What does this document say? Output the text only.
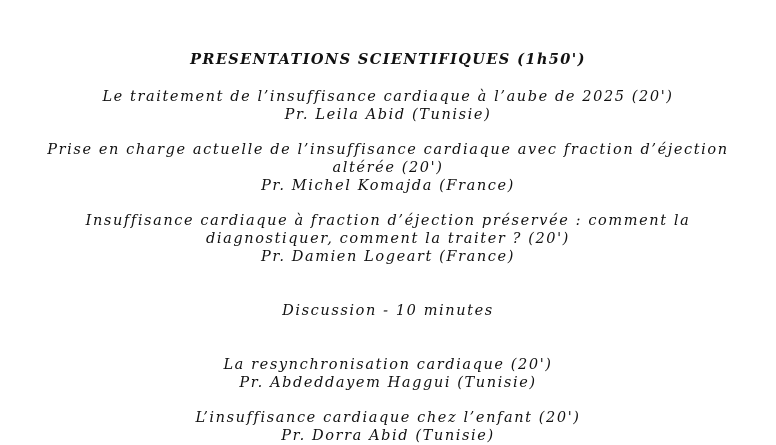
PRESENTATIONS SCIENTIFIQUES (1h50')
Le traitement de l’insuffisance cardiaque à l’aube de 2025 (20')
Pr. Leila Abid (Tunisie)
Prise en charge actuelle de l’insuffisance cardiaque avec fraction d’éjection
altérée (20')
Pr. Michel Komajda (France)
Insuffisance cardiaque à fraction d’éjection préservée : comment la
diagnostiquer, comment la traiter ? (20')
Pr. Damien Logeart (France)
Discussion - 10 minutes
La resynchronisation cardiaque (20')
Pr. Abdeddayem Haggui (Tunisie)
L’insuffisance cardiaque chez l’enfant (20')
Pr. Dorra Abid (Tunisie)
